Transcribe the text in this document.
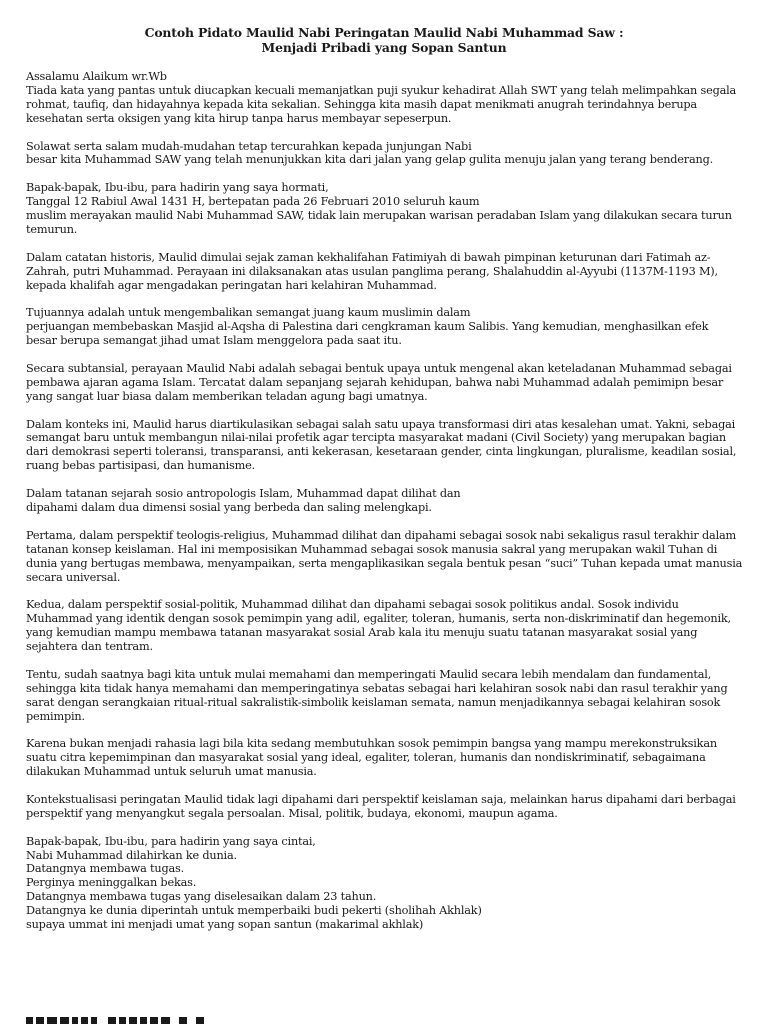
Contoh Pidato Maulid Nabi Peringatan Maulid Nabi Muhammad Saw :
Menjadi Pribadi yang Sopan Santun
Assalamu Alaikum wr.Wb
Tiada kata yang pantas untuk diucapkan kecuali memanjatkan puji syukur kehadirat Allah SWT yang telah melimpahkan segala
rohmat, taufiq, dan hidayahnya kepada kita sekalian. Sehingga kita masih dapat menikmati anugrah terindahnya berupa
kesehatan serta oksigen yang kita hirup tanpa harus membayar sepeserpun.
Solawat serta salam mudah-mudahan tetap tercurahkan kepada junjungan Nabi
besar kita Muhammad SAW yang telah menunjukkan kita dari jalan yang gelap gulita menuju jalan yang terang benderang.
Bapak-bapak, Ibu-ibu, para hadirin yang saya hormati,
Tanggal 12 Rabiul Awal 1431 H, bertepatan pada 26 Februari 2010 seluruh kaum
muslim merayakan maulid Nabi Muhammad SAW, tidak lain merupakan warisan peradaban Islam yang dilakukan secara turun
temurun.
Dalam catatan historis, Maulid dimulai sejak zaman kekhalifahan Fatimiyah di bawah pimpinan keturunan dari Fatimah az-
Zahrah, putri Muhammad. Perayaan ini dilaksanakan atas usulan panglima perang, Shalahuddin al-Ayyubi (1137M-1193 M),
kepada khalifah agar mengadakan peringatan hari kelahiran Muhammad.
Tujuannya adalah untuk mengembalikan semangat juang kaum muslimin dalam
perjuangan membebaskan Masjid al-Aqsha di Palestina dari cengkraman kaum Salibis. Yang kemudian, menghasilkan efek
besar berupa semangat jihad umat Islam menggelora pada saat itu.
Secara subtansial, perayaan Maulid Nabi adalah sebagai bentuk upaya untuk mengenal akan keteladanan Muhammad sebagai
pembawa ajaran agama Islam. Tercatat dalam sepanjang sejarah kehidupan, bahwa nabi Muhammad adalah pemimipn besar
yang sangat luar biasa dalam memberikan teladan agung bagi umatnya.
Dalam konteks ini, Maulid harus diartikulasikan sebagai salah satu upaya transformasi diri atas kesalehan umat. Yakni, sebagai
semangat baru untuk membangun nilai-nilai profetik agar tercipta masyarakat madani (Civil Society) yang merupakan bagian
dari demokrasi seperti toleransi, transparansi, anti kekerasan, kesetaraan gender, cinta lingkungan, pluralisme, keadilan sosial,
ruang bebas partisipasi, dan humanisme.
Dalam tatanan sejarah sosio antropologis Islam, Muhammad dapat dilihat dan
dipahami dalam dua dimensi sosial yang berbeda dan saling melengkapi.
Pertama, dalam perspektif teologis-religius, Muhammad dilihat dan dipahami sebagai sosok nabi sekaligus rasul terakhir dalam
tatanan konsep keislaman. Hal ini memposisikan Muhammad sebagai sosok manusia sakral yang merupakan wakil Tuhan di
dunia yang bertugas membawa, menyampaikan, serta mengaplikasikan segala bentuk pesan “suci” Tuhan kepada umat manusia
secara universal.
Kedua, dalam perspektif sosial-politik, Muhammad dilihat dan dipahami sebagai sosok politikus andal. Sosok individu
Muhammad yang identik dengan sosok pemimpin yang adil, egaliter, toleran, humanis, serta non-diskriminatif dan hegemonik,
yang kemudian mampu membawa tatanan masyarakat sosial Arab kala itu menuju suatu tatanan masyarakat sosial yang
sejahtera dan tentram.
Tentu, sudah saatnya bagi kita untuk mulai memahami dan memperingati Maulid secara lebih mendalam dan fundamental,
sehingga kita tidak hanya memahami dan memperingatinya sebatas sebagai hari kelahiran sosok nabi dan rasul terakhir yang
sarat dengan serangkaian ritual-ritual sakralistik-simbolik keislaman semata, namun menjadikannya sebagai kelahiran sosok
pemimpin.
Karena bukan menjadi rahasia lagi bila kita sedang membutuhkan sosok pemimpin bangsa yang mampu merekonstruksikan
suatu citra kepemimpinan dan masyarakat sosial yang ideal, egaliter, toleran, humanis dan nondiskriminatif, sebagaimana
dilakukan Muhammad untuk seluruh umat manusia.
Kontekstualisasi peringatan Maulid tidak lagi dipahami dari perspektif keislaman saja, melainkan harus dipahami dari berbagai
perspektif yang menyangkut segala persoalan. Misal, politik, budaya, ekonomi, maupun agama.
Bapak-bapak, Ibu-ibu, para hadirin yang saya cintai,
Nabi Muhammad dilahirkan ke dunia.
Datangnya membawa tugas.
Perginya meninggalkan bekas.
Datangnya membawa tugas yang diselesaikan dalam 23 tahun.
Datangnya ke dunia diperintah untuk memperbaiki budi pekerti (sholihah Akhlak)
supaya ummat ini menjadi umat yang sopan santun (makarimal akhlak)
